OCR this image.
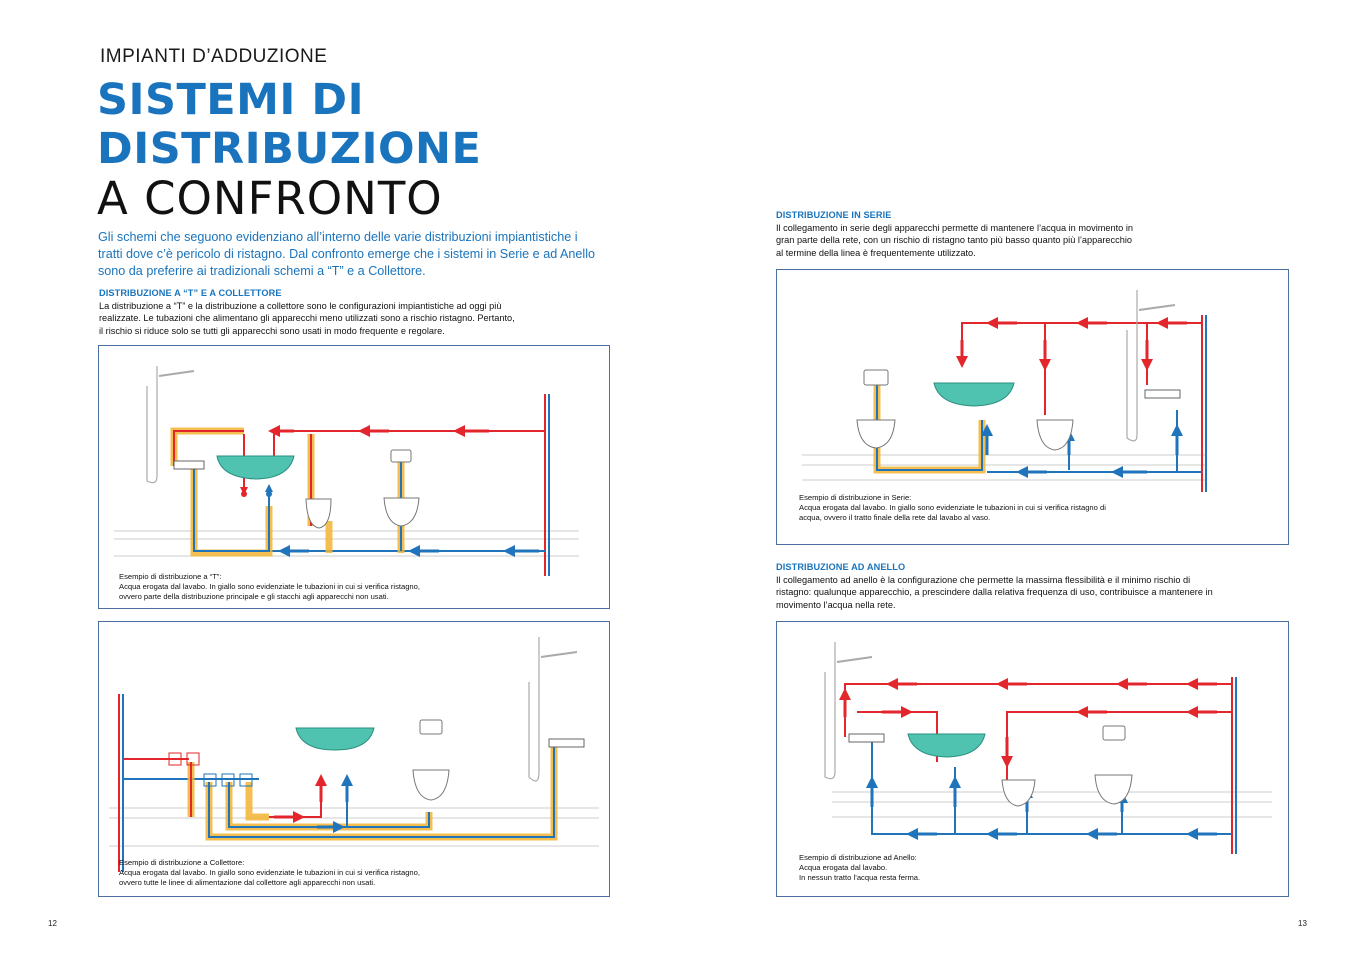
IMPIANTI D’ADDUZIONE
SISTEMI DI
DISTRIBUZIONE
A CONFRONTO
Gli schemi che seguono evidenziano all’interno delle varie distribuzioni impiantistiche i tratti dove c’è pericolo di ristagno. Dal confronto emerge che i sistemi in Serie e ad Anello sono da preferire ai tradizionali schemi a “T” e a Collettore.
DISTRIBUZIONE A “T” E A COLLETTORE
La distribuzione a “T” e la distribuzione a collettore sono le configurazioni impiantistiche ad oggi più realizzate. Le tubazioni che alimentano gli apparecchi meno utilizzati sono a rischio ristagno. Pertanto, il rischio si riduce solo se tutti gli apparecchi sono usati in modo frequente e regolare.
Esempio di distribuzione a “T”:
Acqua erogata dal lavabo. In giallo sono evidenziate le tubazioni in cui si verifica ristagno,
ovvero parte della distribuzione principale e gli stacchi agli apparecchi non usati.
Esempio di distribuzione a Collettore:
Acqua erogata dal lavabo. In giallo sono evidenziate le tubazioni in cui si verifica ristagno,
ovvero tutte le linee di alimentazione dal collettore agli apparecchi non usati.
12
DISTRIBUZIONE IN SERIE
Il collegamento in serie degli apparecchi permette di mantenere l’acqua in movimento in gran parte della rete, con un rischio di ristagno tanto più basso quanto più l’apparecchio al termine della linea è frequentemente utilizzato.
Esempio di distribuzione in Serie:
Acqua erogata dal lavabo. In giallo sono evidenziate le tubazioni in cui si verifica ristagno di
acqua, ovvero il tratto finale della rete dal lavabo al vaso.
DISTRIBUZIONE AD ANELLO
Il collegamento ad anello è la configurazione che permette la massima flessibilità e il minimo rischio di ristagno: qualunque apparecchio, a prescindere dalla relativa frequenza di uso, contribuisce a mantenere in movimento l’acqua nella rete.
Esempio di distribuzione ad Anello:
Acqua erogata dal lavabo.
In nessun tratto l’acqua resta ferma.
13
